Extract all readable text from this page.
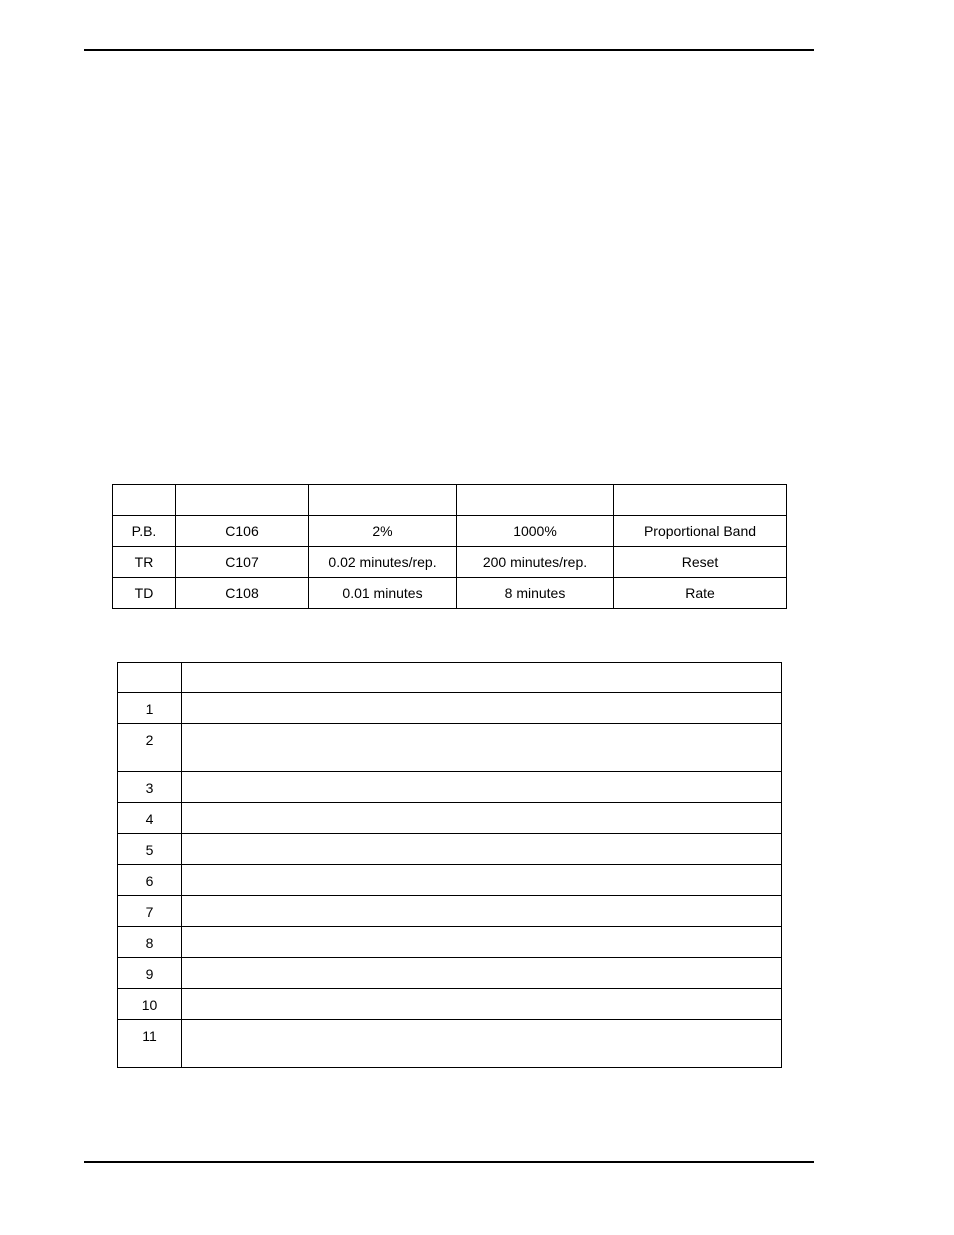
P.B.	C106	2%	1000%	Proportional Band
TR	C107	0.02 minutes/rep.	200 minutes/rep.	Reset
TD	C108	0.01 minutes	8 minutes	Rate

1	
2	
3	
4	
5	
6	
7	
8	
9	
10	
11	
